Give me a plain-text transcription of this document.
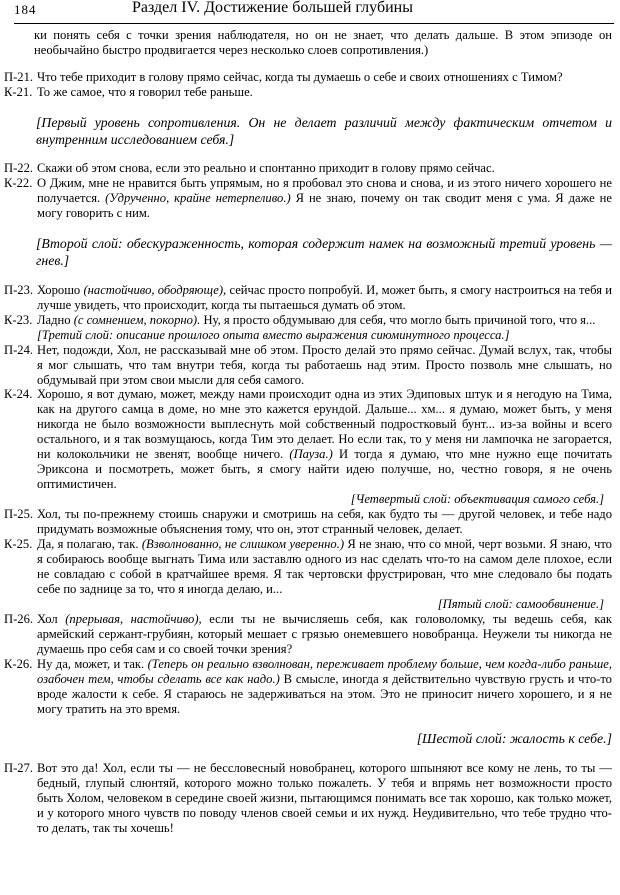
184	Раздел IV. Достижение большей глубины

ки понять себя с точки зрения наблюдателя, но он не знает, что делать дальше. В этом эпизоде он необычайно быстро продвигается через несколько слоев сопротивления.)

П-21. Что тебе приходит в голову прямо сейчас, когда ты думаешь о себе и своих отношениях с Тимом?

К-21. То же самое, что я говорил тебе раньше.

[Первый уровень сопротивления. Он не делает различий между фактическим отчетом и внутренним исследованием себя.]

П-22. Скажи об этом снова, если это реально и спонтанно приходит в голову прямо сейчас.

К-22. О Джим, мне не нравится быть упрямым, но я пробовал это снова и снова, и из этого ничего хорошего не получается. (Удрученно, крайне нетерпеливо.) Я не знаю, почему он так сводит меня с ума. Я даже не могу говорить с ним.

[Второй слой: обескураженность, которая содержит намек на возможный третий уровень — гнев.]

П-23. Хорошо (настойчиво, ободряюще), сейчас просто попробуй. И, может быть, я смогу настроиться на тебя и лучше увидеть, что происходит, когда ты пытаешься думать об этом.

К-23. Ладно (с сомнением, покорно). Ну, я просто обдумываю для себя, что могло быть причиной того, что я...
[Третий слой: описание прошлого опыта вместо выражения сиюминутного процесса.]

П-24. Нет, подожди, Хол, не рассказывай мне об этом. Просто делай это прямо сейчас. Думай вслух, так, чтобы я мог слышать, что там внутри тебя, когда ты работаешь над этим. Просто позволь мне слышать, но обдумывай при этом свои мысли для себя самого.

К-24. Хорошо, я вот думаю, может, между нами происходит одна из этих Эдиповых штук и я негодую на Тима, как на другого самца в доме, но мне это кажется ерундой. Дальше... хм... я думаю, может быть, у меня никогда не было возможности выплеснуть мой собственный подростковый бунт... из-за войны и всего остального, и я так возмущаюсь, когда Тим это делает. Но если так, то у меня ни лампочка не загорается, ни колокольчики не звенят, вообще ничего. (Пауза.) И тогда я думаю, что мне нужно еще почитать Эриксона и посмотреть, может быть, я смогу найти идею получше, но, честно говоря, я не очень оптимистичен.
[Четвертый слой: объективация самого себя.]

П-25. Хол, ты по-прежнему стоишь снаружи и смотришь на себя, как будто ты — другой человек, и тебе надо придумать возможные объяснения тому, что он, этот странный человек, делает.

К-25. Да, я полагаю, так. (Взволнованно, не слишком уверенно.) Я не знаю, что со мной, черт возьми. Я знаю, что я собираюсь вообще выгнать Тима или заставлю одного из нас сделать что-то на самом деле плохое, если не совладаю с собой в кратчайшее время. Я так чертовски фрустрирован, что мне следовало бы подать себе по заднице за то, что я иногда делаю, и...
[Пятый слой: самообвинение.]

П-26. Хол (прерывая, настойчиво), если ты не вычисляешь себя, как головоломку, ты ведешь себя, как армейский сержант-грубиян, который мешает с грязью онемевшего новобранца. Неужели ты никогда не думаешь про себя сам и со своей точки зрения?

К-26. Ну да, может, и так. (Теперь он реально взволнован, переживает проблему больше, чем когда-либо раньше, озабочен тем, чтобы сделать все как надо.) В смысле, иногда я действительно чувствую грусть и что-то вроде жалости к себе. Я стараюсь не задерживаться на этом. Это не приносит ничего хорошего, и я не могу тратить на это время.

[Шестой слой: жалость к себе.]

П-27. Вот это да! Хол, если ты — не бессловесный новобранец, которого шпыняют все кому не лень, то ты — бедный, глупый слюнтяй, которого можно только пожалеть. У тебя и впрямь нет возможности просто быть Холом, человеком в середине своей жизни, пытающимся понимать все так хорошо, как только может, и у которого много чувств по поводу членов своей семьи и их нужд. Неудивительно, что тебе трудно что-то делать, так ты хочешь!
